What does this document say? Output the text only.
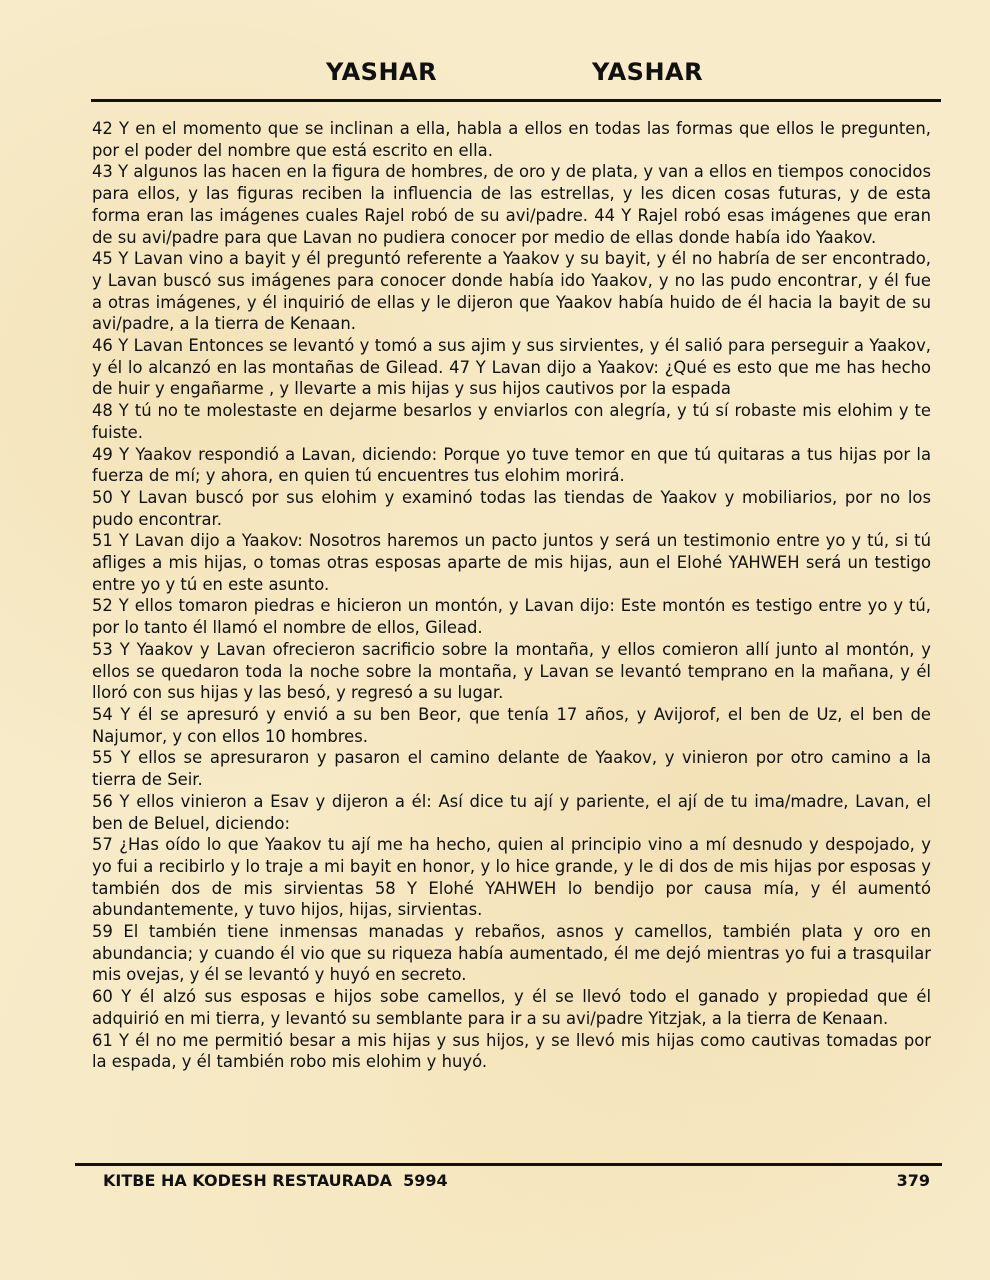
YASHAR	YASHAR

42 Y en el momento que se inclinan a ella, habla a ellos en todas las formas que ellos le pregunten, por el poder del nombre que está escrito en ella.

43 Y algunos las hacen en la figura de hombres, de oro y de plata, y van a ellos en tiempos conocidos para ellos, y las figuras reciben la influencia de las estrellas, y les dicen cosas futuras, y de esta forma eran las imágenes cuales Rajel robó de su avi/padre. 44 Y Rajel robó esas imágenes que eran de su avi/padre para que Lavan no pudiera conocer por medio de ellas donde había ido Yaakov.

45 Y Lavan vino a bayit y él preguntó referente a Yaakov y su bayit, y él no habría de ser encontrado, y Lavan buscó sus imágenes para conocer donde había ido Yaakov, y no las pudo encontrar, y él fue a otras imágenes, y él inquirió de ellas y le dijeron que Yaakov había huido de él hacia la bayit de su avi/padre, a la tierra de Kenaan.

46 Y Lavan Entonces se levantó y tomó a sus ajim y sus sirvientes, y él salió para perseguir a Yaakov, y él lo alcanzó en las montañas de Gilead. 47 Y Lavan dijo a Yaakov: ¿Qué es esto que me has hecho de huir y engañarme , y llevarte a mis hijas y sus hijos cautivos por la espada

48 Y tú no te molestaste en dejarme besarlos y enviarlos con alegría, y tú sí robaste mis elohim y te fuiste.

49 Y Yaakov respondió a Lavan, diciendo: Porque yo tuve temor en que tú quitaras a tus hijas por la fuerza de mí; y ahora, en quien tú encuentres tus elohim morirá.

50 Y Lavan buscó por sus elohim y examinó todas las tiendas de Yaakov y mobiliarios, por no los pudo encontrar.

51 Y Lavan dijo a Yaakov: Nosotros haremos un pacto juntos y será un testimonio entre yo y tú, si tú afliges a mis hijas, o tomas otras esposas aparte de mis hijas, aun el Elohé YAHWEH será un testigo entre yo y tú en este asunto.

52 Y ellos tomaron piedras e hicieron un montón, y Lavan dijo: Este montón es testigo entre yo y tú, por lo tanto él llamó el nombre de ellos, Gilead.

53 Y Yaakov y Lavan ofrecieron sacrificio sobre la montaña, y ellos comieron allí junto al montón, y ellos se quedaron toda la noche sobre la montaña, y Lavan se levantó temprano en la mañana, y él lloró con sus hijas y las besó, y regresó a su lugar.

54 Y él se apresuró y envió a su ben Beor, que tenía 17 años, y Avijorof, el ben de Uz, el ben de Najumor, y con ellos 10 hombres.

55 Y ellos se apresuraron y pasaron el camino delante de Yaakov, y vinieron por otro camino a la tierra de Seir.

56 Y ellos vinieron a Esav y dijeron a él: Así dice tu ají y pariente, el ají de tu ima/madre, Lavan, el ben de Beluel, diciendo:

57 ¿Has oído lo que Yaakov tu ají me ha hecho, quien al principio vino a mí desnudo y despojado, y yo fui a recibirlo y lo traje a mi bayit en honor, y lo hice grande, y le di dos de mis hijas por esposas y también dos de mis sirvientas 58 Y Elohé YAHWEH lo bendijo por causa mía, y él aumentó abundantemente, y tuvo hijos, hijas, sirvientas.

59 El también tiene inmensas manadas y rebaños, asnos y camellos, también plata y oro en abundancia; y cuando él vio que su riqueza había aumentado, él me dejó mientras yo fui a trasquilar mis ovejas, y él se levantó y huyó en secreto.

60 Y él alzó sus esposas e hijos sobe camellos, y él se llevó todo el ganado y propiedad que él adquirió en mi tierra, y levantó su semblante para ir a su avi/padre Yitzjak, a la tierra de Kenaan.

61 Y él no me permitió besar a mis hijas y sus hijos, y se llevó mis hijas como cautivas tomadas por la espada, y él también robo mis elohim y huyó.

KITBE HA KODESH RESTAURADA  5994	379
